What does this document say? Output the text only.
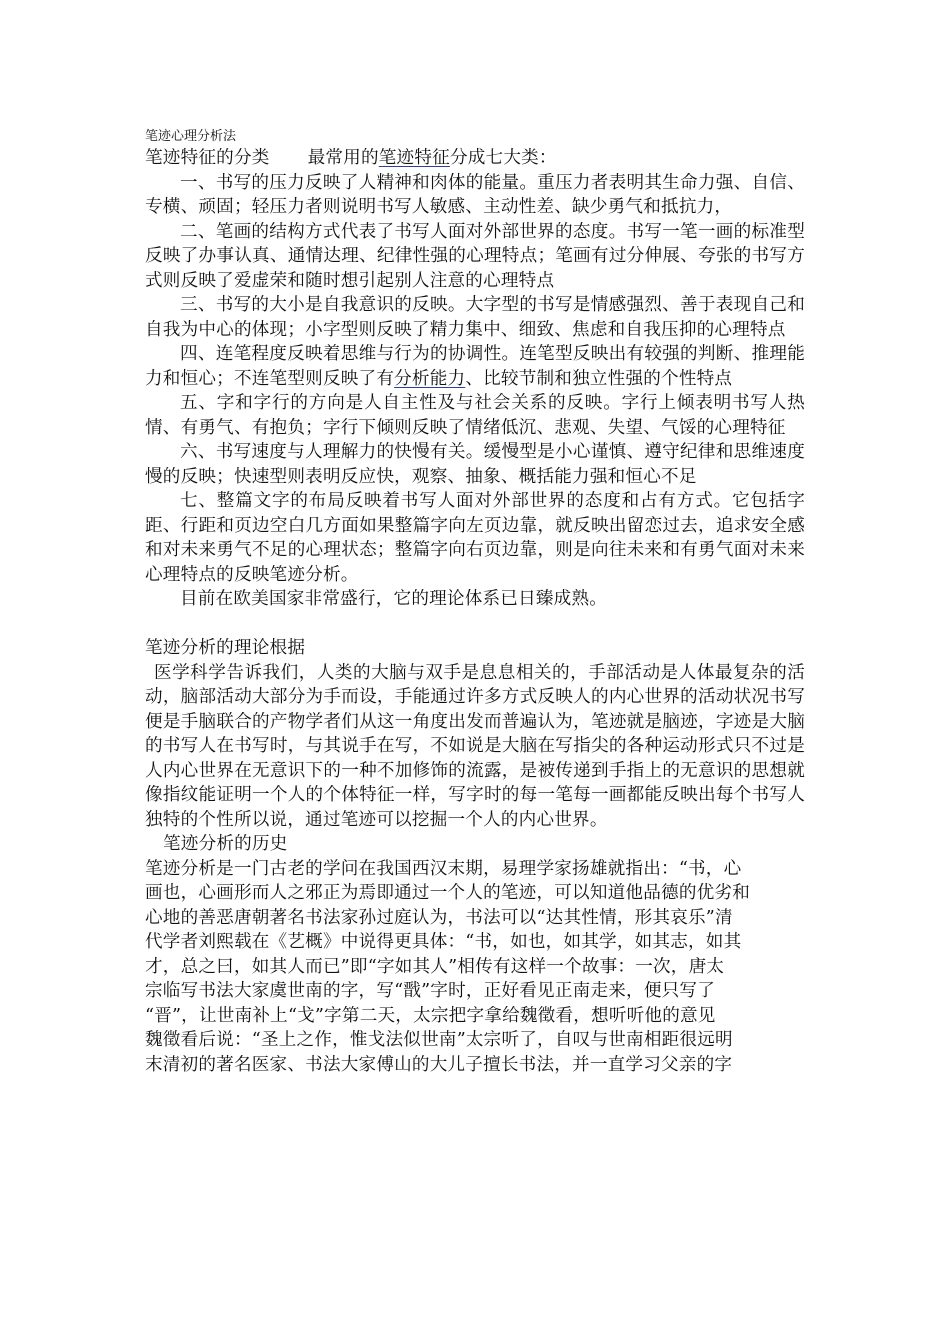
笔迹心理分析法

笔迹特征的分类 最常用的笔迹特征分成七大类：

一、书写的压力反映了人精神和肉体的能量。重压力者表明其生命力强、自信、专横、顽固；轻压力者则说明书写人敏感、主动性差、缺少勇气和抵抗力，

二、笔画的结构方式代表了书写人面对外部世界的态度。书写一笔一画的标准型反映了办事认真、通情达理、纪律性强的心理特点；笔画有过分伸展、夸张的书写方式则反映了爱虚荣和随时想引起别人注意的心理特点

三、书写的大小是自我意识的反映。大字型的书写是情感强烈、善于表现自己和自我为中心的体现；小字型则反映了精力集中、细致、焦虑和自我压抑的心理特点

四、连笔程度反映着思维与行为的协调性。连笔型反映出有较强的判断、推理能力和恒心；不连笔型则反映了有分析能力、比较节制和独立性强的个性特点

五、字和字行的方向是人自主性及与社会关系的反映。字行上倾表明书写人热情、有勇气、有抱负；字行下倾则反映了情绪低沉、悲观、失望、气馁的心理特征

六、书写速度与人理解力的快慢有关。缓慢型是小心谨慎、遵守纪律和思维速度慢的反映；快速型则表明反应快，观察、抽象、概括能力强和恒心不足

七、整篇文字的布局反映着书写人面对外部世界的态度和占有方式。它包括字距、行距和页边空白几方面如果整篇字向左页边靠，就反映出留恋过去，追求安全感和对未来勇气不足的心理状态；整篇字向右页边靠，则是向往未来和有勇气面对未来心理特点的反映笔迹分析。

目前在欧美国家非常盛行，它的理论体系已日臻成熟。

笔迹分析的理论根据

医学科学告诉我们，人类的大脑与双手是息息相关的，手部活动是人体最复杂的活动，脑部活动大部分为手而设，手能通过许多方式反映人的内心世界的活动状况书写便是手脑联合的产物学者们从这一角度出发而普遍认为，笔迹就是脑迹，字迹是大脑的书写人在书写时，与其说手在写，不如说是大脑在写指尖的各种运动形式只不过是人内心世界在无意识下的一种不加修饰的流露，是被传递到手指上的无意识的思想就像指纹能证明一个人的个体特征一样，写字时的每一笔每一画都能反映出每个书写人独特的个性所以说，通过笔迹可以挖掘一个人的内心世界。

笔迹分析的历史

笔迹分析是一门古老的学问在我国西汉末期，易理学家扬雄就指出：“书，心

画也，心画形而人之邪正为焉即通过一个人的笔迹，可以知道他品德的优劣和

心地的善恶唐朝著名书法家孙过庭认为，书法可以“达其性情，形其哀乐”清

代学者刘熙载在《艺概》中说得更具体：“书，如也，如其学，如其志，如其

才，总之曰，如其人而已”即“字如其人”相传有这样一个故事：一次，唐太

宗临写书法大家虞世南的字，写“戬”字时，正好看见正南走来，便只写了

“晋”，让世南补上“戈”字第二天，太宗把字拿给魏徵看，想听听他的意见

魏徵看后说：“圣上之作，惟戈法似世南”太宗听了，自叹与世南相距很远明

末清初的著名医家、书法大家傅山的大儿子擅长书法，并一直学习父亲的字
